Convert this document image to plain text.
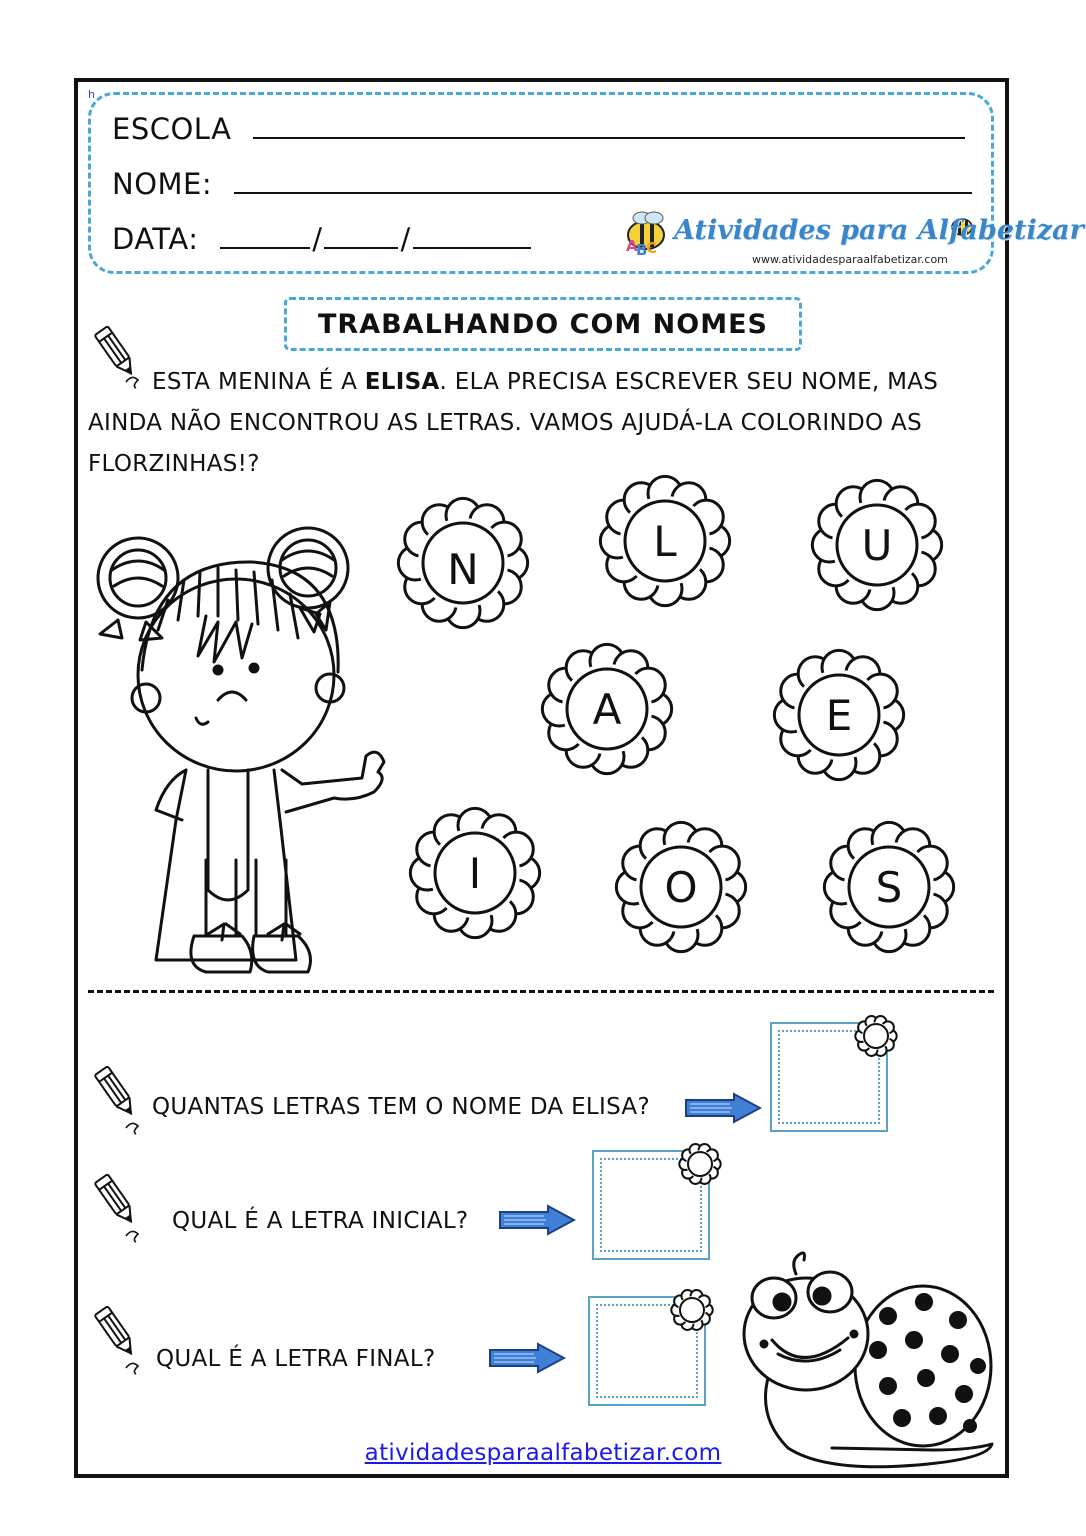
h
ESCOLA
NOME:
DATA:	/	/	A
B
C
Atividades para Alfabetizar
www.atividadesparaalfabetizar.com
TRABALHANDO COM NOMES
ESTA MENINA É A ELISA. ELA PRECISA ESCREVER SEU NOME, MAS
AINDA NÃO ENCONTROU AS LETRAS. VAMOS AJUDÁ-LA COLORINDO AS
FLORZINHAS!?
N
L	U
A	E
I	O	S
QUANTAS LETRAS TEM O NOME DA ELISA?
QUAL É A LETRA INICIAL?
QUAL É A LETRA FINAL?
atividadesparaalfabetizar.com
